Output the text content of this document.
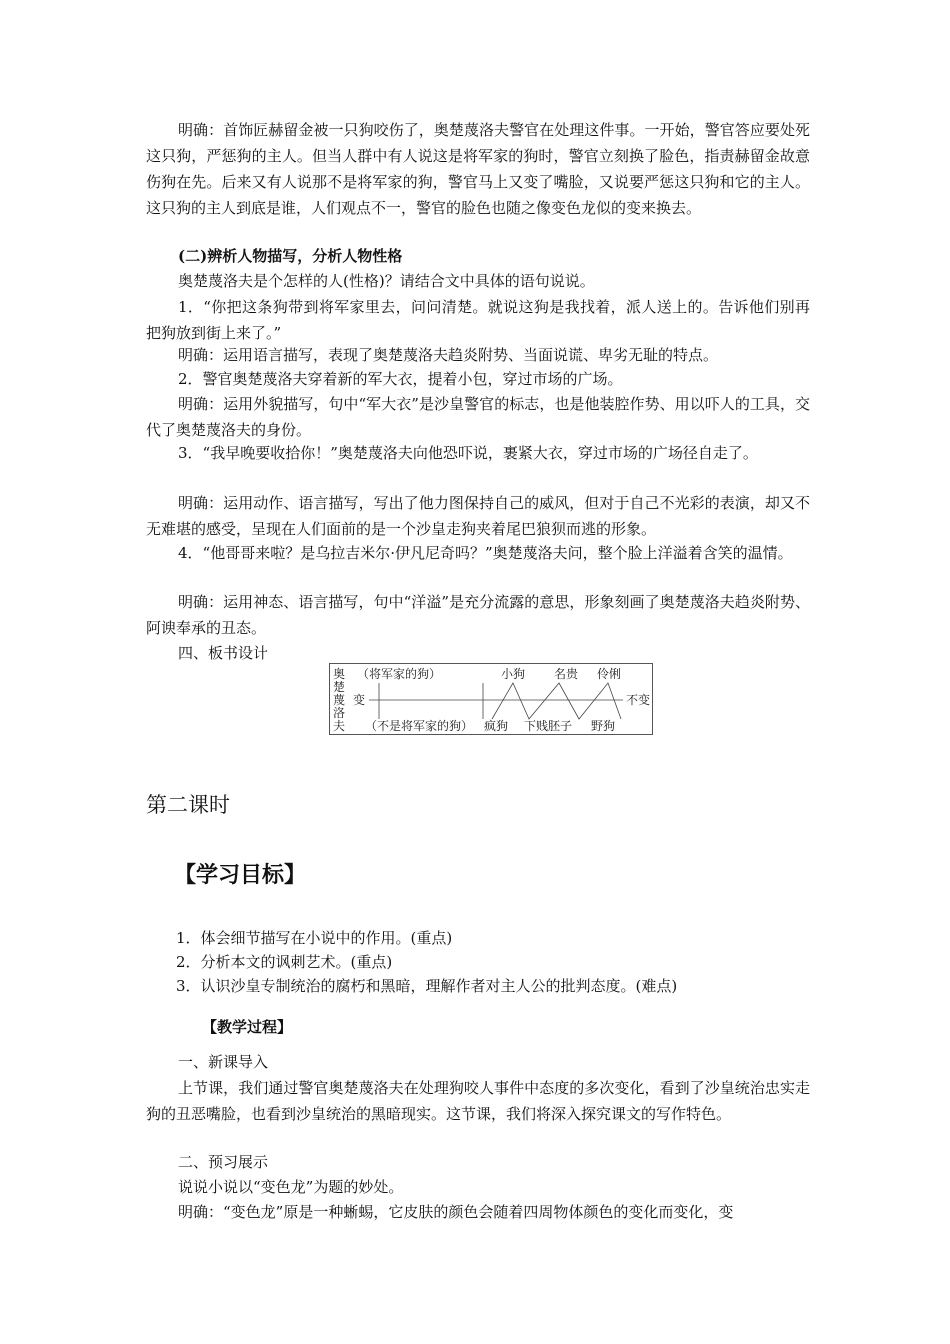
明确：首饰匠赫留金被一只狗咬伤了，奥楚蔑洛夫警官在处理这件事。一开始，警官答应要处死这只狗，严惩狗的主人。但当人群中有人说这是将军家的狗时，警官立刻换了脸色，指责赫留金故意伤狗在先。后来又有人说那不是将军家的狗，警官马上又变了嘴脸，又说要严惩这只狗和它的主人。这只狗的主人到底是谁，人们观点不一，警官的脸色也随之像变色龙似的变来换去。

(二)辨析人物描写，分析人物性格

奥楚蔑洛夫是个怎样的人(性格)？请结合文中具体的语句说说。

1．“你把这条狗带到将军家里去，问问清楚。就说这狗是我找着，派人送上的。告诉他们别再把狗放到街上来了。”

明确：运用语言描写，表现了奥楚蔑洛夫趋炎附势、当面说谎、卑劣无耻的特点。

2．警官奥楚蔑洛夫穿着新的军大衣，提着小包，穿过市场的广场。

明确：运用外貌描写，句中“军大衣”是沙皇警官的标志，也是他装腔作势、用以吓人的工具，交代了奥楚蔑洛夫的身份。

3．“我早晚要收拾你！”奥楚蔑洛夫向他恐吓说，裹紧大衣，穿过市场的广场径自走了。

明确：运用动作、语言描写，写出了他力图保持自己的威风，但对于自己不光彩的表演，却又不无难堪的感受，呈现在人们面前的是一个沙皇走狗夹着尾巴狼狈而逃的形象。

4．“他哥哥来啦？是乌拉吉米尔·伊凡尼奇吗？”奥楚蔑洛夫问，整个脸上洋溢着含笑的温情。

明确：运用神态、语言描写，句中“洋溢”是充分流露的意思，形象刻画了奥楚蔑洛夫趋炎附势、阿谀奉承的丑态。

四、板书设计

奥
楚
蔑
洛
夫
（将军家的狗）
（不是将军家的狗）
变	不变
小狗 名贵 伶俐
疯狗 下贱胚子 野狗

第二课时

【学习目标】

1．体会细节描写在小说中的作用。(重点)

2．分析本文的讽刺艺术。(重点)

3．认识沙皇专制统治的腐朽和黑暗，理解作者对主人公的批判态度。(难点)

【教学过程】

一、新课导入

上节课，我们通过警官奥楚蔑洛夫在处理狗咬人事件中态度的多次变化，看到了沙皇统治忠实走狗的丑恶嘴脸，也看到沙皇统治的黑暗现实。这节课，我们将深入探究课文的写作特色。

二、预习展示

说说小说以“变色龙”为题的妙处。

明确：“变色龙”原是一种蜥蜴，它皮肤的颜色会随着四周物体颜色的变化而变化，变
